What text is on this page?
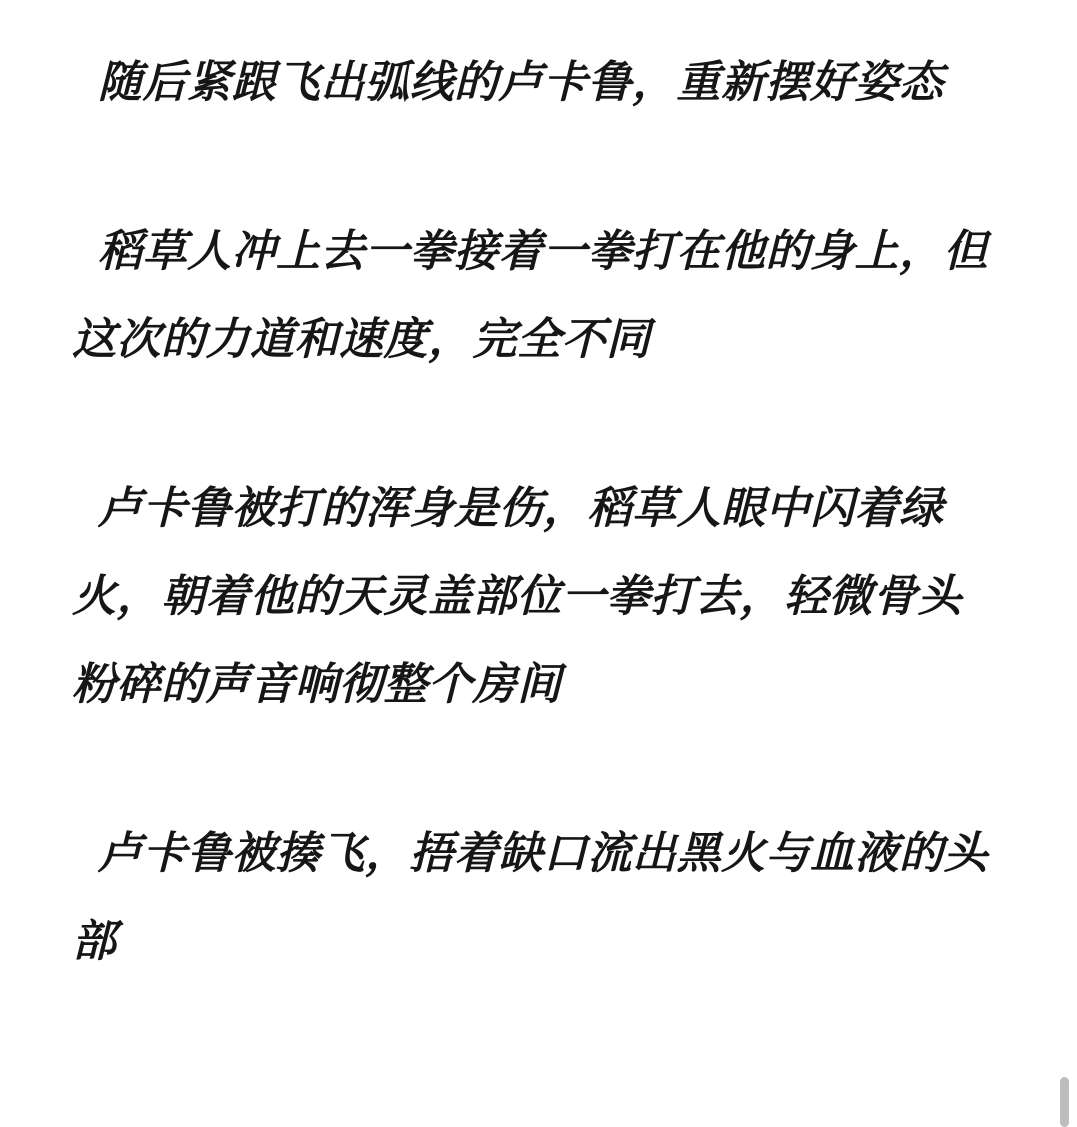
随后紧跟飞出弧线的卢卡鲁，重新摆好姿态

稻草人冲上去一拳接着一拳打在他的身上，但这次的力道和速度，完全不同

卢卡鲁被打的浑身是伤，稻草人眼中闪着绿火，朝着他的天灵盖部位一拳打去，轻微骨头粉碎的声音响彻整个房间

卢卡鲁被揍飞，捂着缺口流出黑火与血液的头部
